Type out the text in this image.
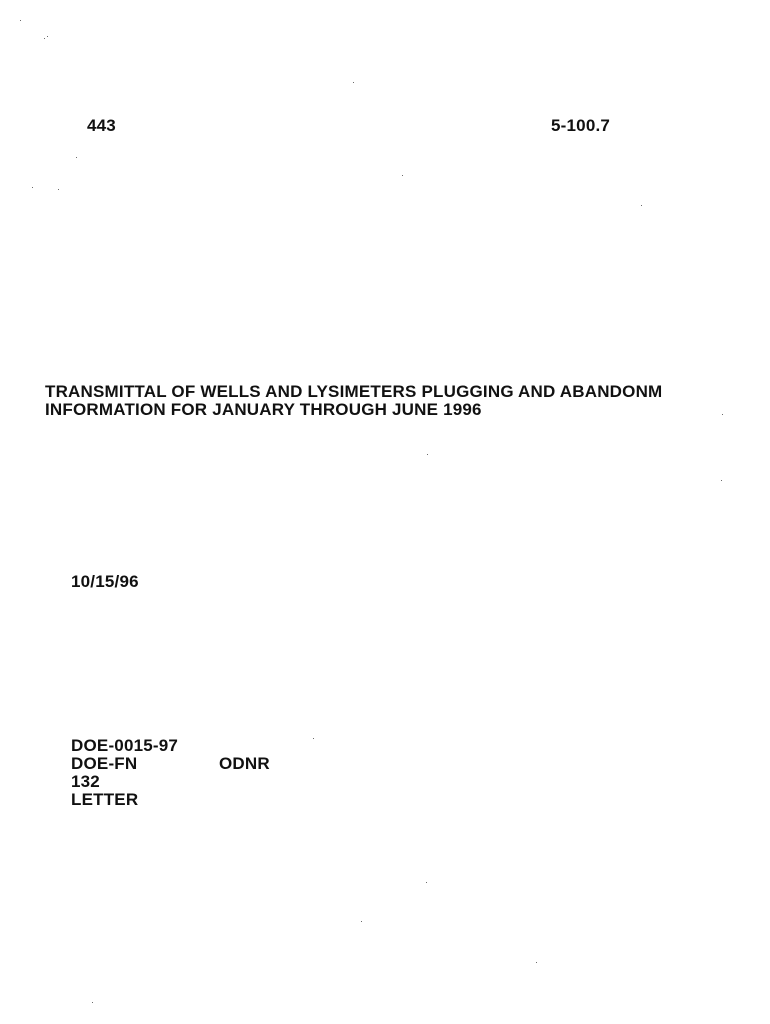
443	5-100.7
TRANSMITTAL OF WELLS AND LYSIMETERS PLUGGING AND ABANDONM
INFORMATION FOR JANUARY THROUGH JUNE 1996
10/15/96
DOE-0015-97
DOE-FN	ODNR
132
LETTER
